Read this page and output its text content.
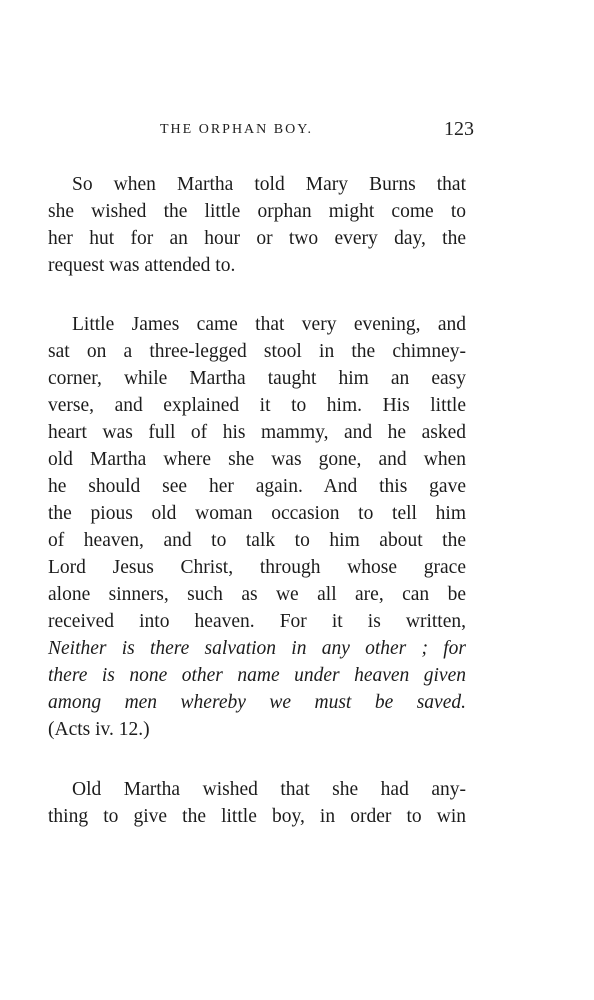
THE ORPHAN BOY.	123
So when Martha told Mary Burns that
she wished the little orphan might come to
her hut for an hour or two every day, the
request was attended to.
Little James came that very evening, and
sat on a three-legged stool in the chimney-
corner, while Martha taught him an easy
verse, and explained it to him. His little
heart was full of his mammy, and he asked
old Martha where she was gone, and when
he should see her again. And this gave
the pious old woman occasion to tell him
of heaven, and to talk to him about the
Lord Jesus Christ, through whose grace
alone sinners, such as we all are, can be
received into heaven. For it is written,
Neither is there salvation in any other ; for
there is none other name under heaven given
among men whereby we must be saved.
(Acts iv. 12.)
Old Martha wished that she had any-
thing to give the little boy, in order to win
